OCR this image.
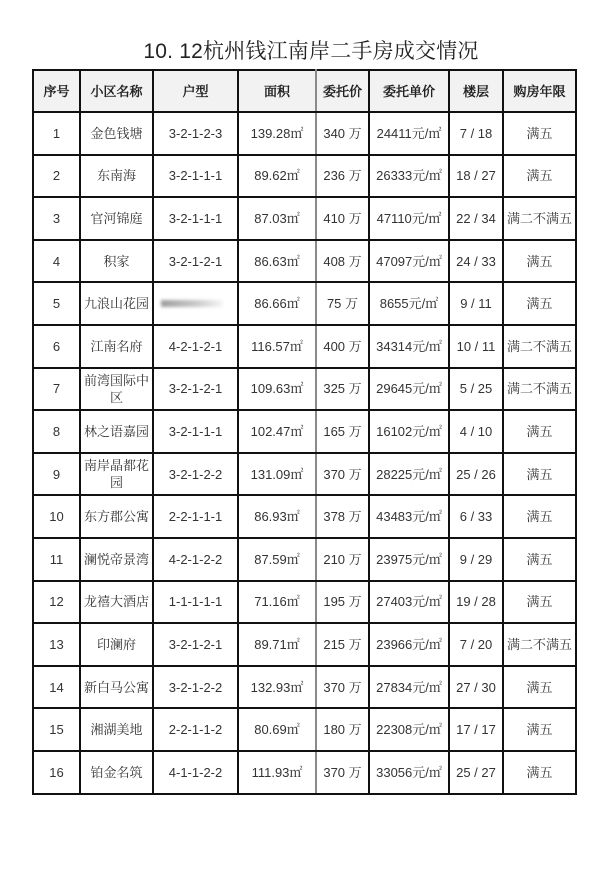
10. 12杭州钱江南岸二手房成交情况
序号	小区名称	户型	面积	委托价	委托单价	楼层	购房年限
1	金色钱塘	3-2-1-2-3	139.28㎡	340 万	24411元/㎡	7 / 18	满五
2	东南海	3-2-1-1-1	89.62㎡	236 万	26333元/㎡	18 / 27	满五
3	官河锦庭	3-2-1-1-1	87.03㎡	410 万	47110元/㎡	22 / 34	满二不满五
4	积家	3-2-1-2-1	86.63㎡	408 万	47097元/㎡	24 / 33	满五
5	九浪山花园		86.66㎡	75 万	8655元/㎡	9 / 11	满五
6	江南名府	4-2-1-2-1	116.57㎡	400 万	34314元/㎡	10 / 11	满二不满五
7	前湾国际中区	3-2-1-2-1	109.63㎡	325 万	29645元/㎡	5 / 25	满二不满五
8	林之语嘉园	3-2-1-1-1	102.47㎡	165 万	16102元/㎡	4 / 10	满五
9	南岸晶都花园	3-2-1-2-2	131.09㎡	370 万	28225元/㎡	25 / 26	满五
10	东方郡公寓	2-2-1-1-1	86.93㎡	378 万	43483元/㎡	6 / 33	满五
11	澜悦帝景湾	4-2-1-2-2	87.59㎡	210 万	23975元/㎡	9 / 29	满五
12	龙禧大酒店	1-1-1-1-1	71.16㎡	195 万	27403元/㎡	19 / 28	满五
13	印澜府	3-2-1-2-1	89.71㎡	215 万	23966元/㎡	7 / 20	满二不满五
14	新白马公寓	3-2-1-2-2	132.93㎡	370 万	27834元/㎡	27 / 30	满五
15	湘湖美地	2-2-1-1-2	80.69㎡	180 万	22308元/㎡	17 / 17	满五
16	铂金名筑	4-1-1-2-2	111.93㎡	370 万	33056元/㎡	25 / 27	满五
